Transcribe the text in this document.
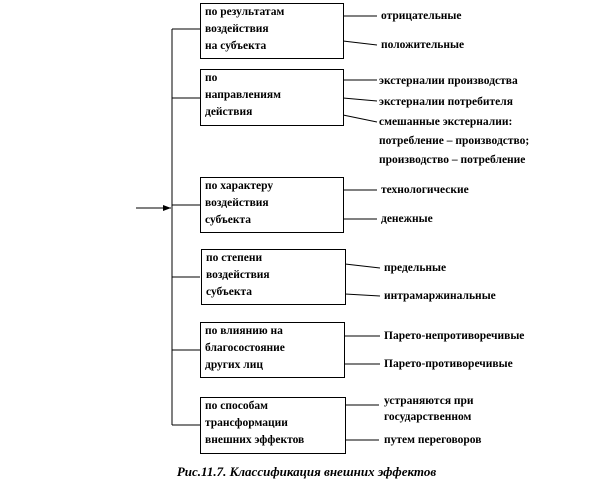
по результатам
воздействия
на субъекта
по
направлениям
действия
по характеру
воздействия
субъекта
по степени
воздействия
субъекта
по влиянию на
благосостояние
других лиц
по способам
трансформации
внешних эффектов
отрицательные
положительные
экстерналии производства
экстерналии потребителя
смешанные экстерналии:
потребление – производство;
производство – потребление
технологические
денежные
предельные
интрамаржинальные
Парето-непротиворечивые
Парето-противоречивые
устраняются при
государственном
путем переговоров
Рис.11.7. Классификация внешних эффектов
